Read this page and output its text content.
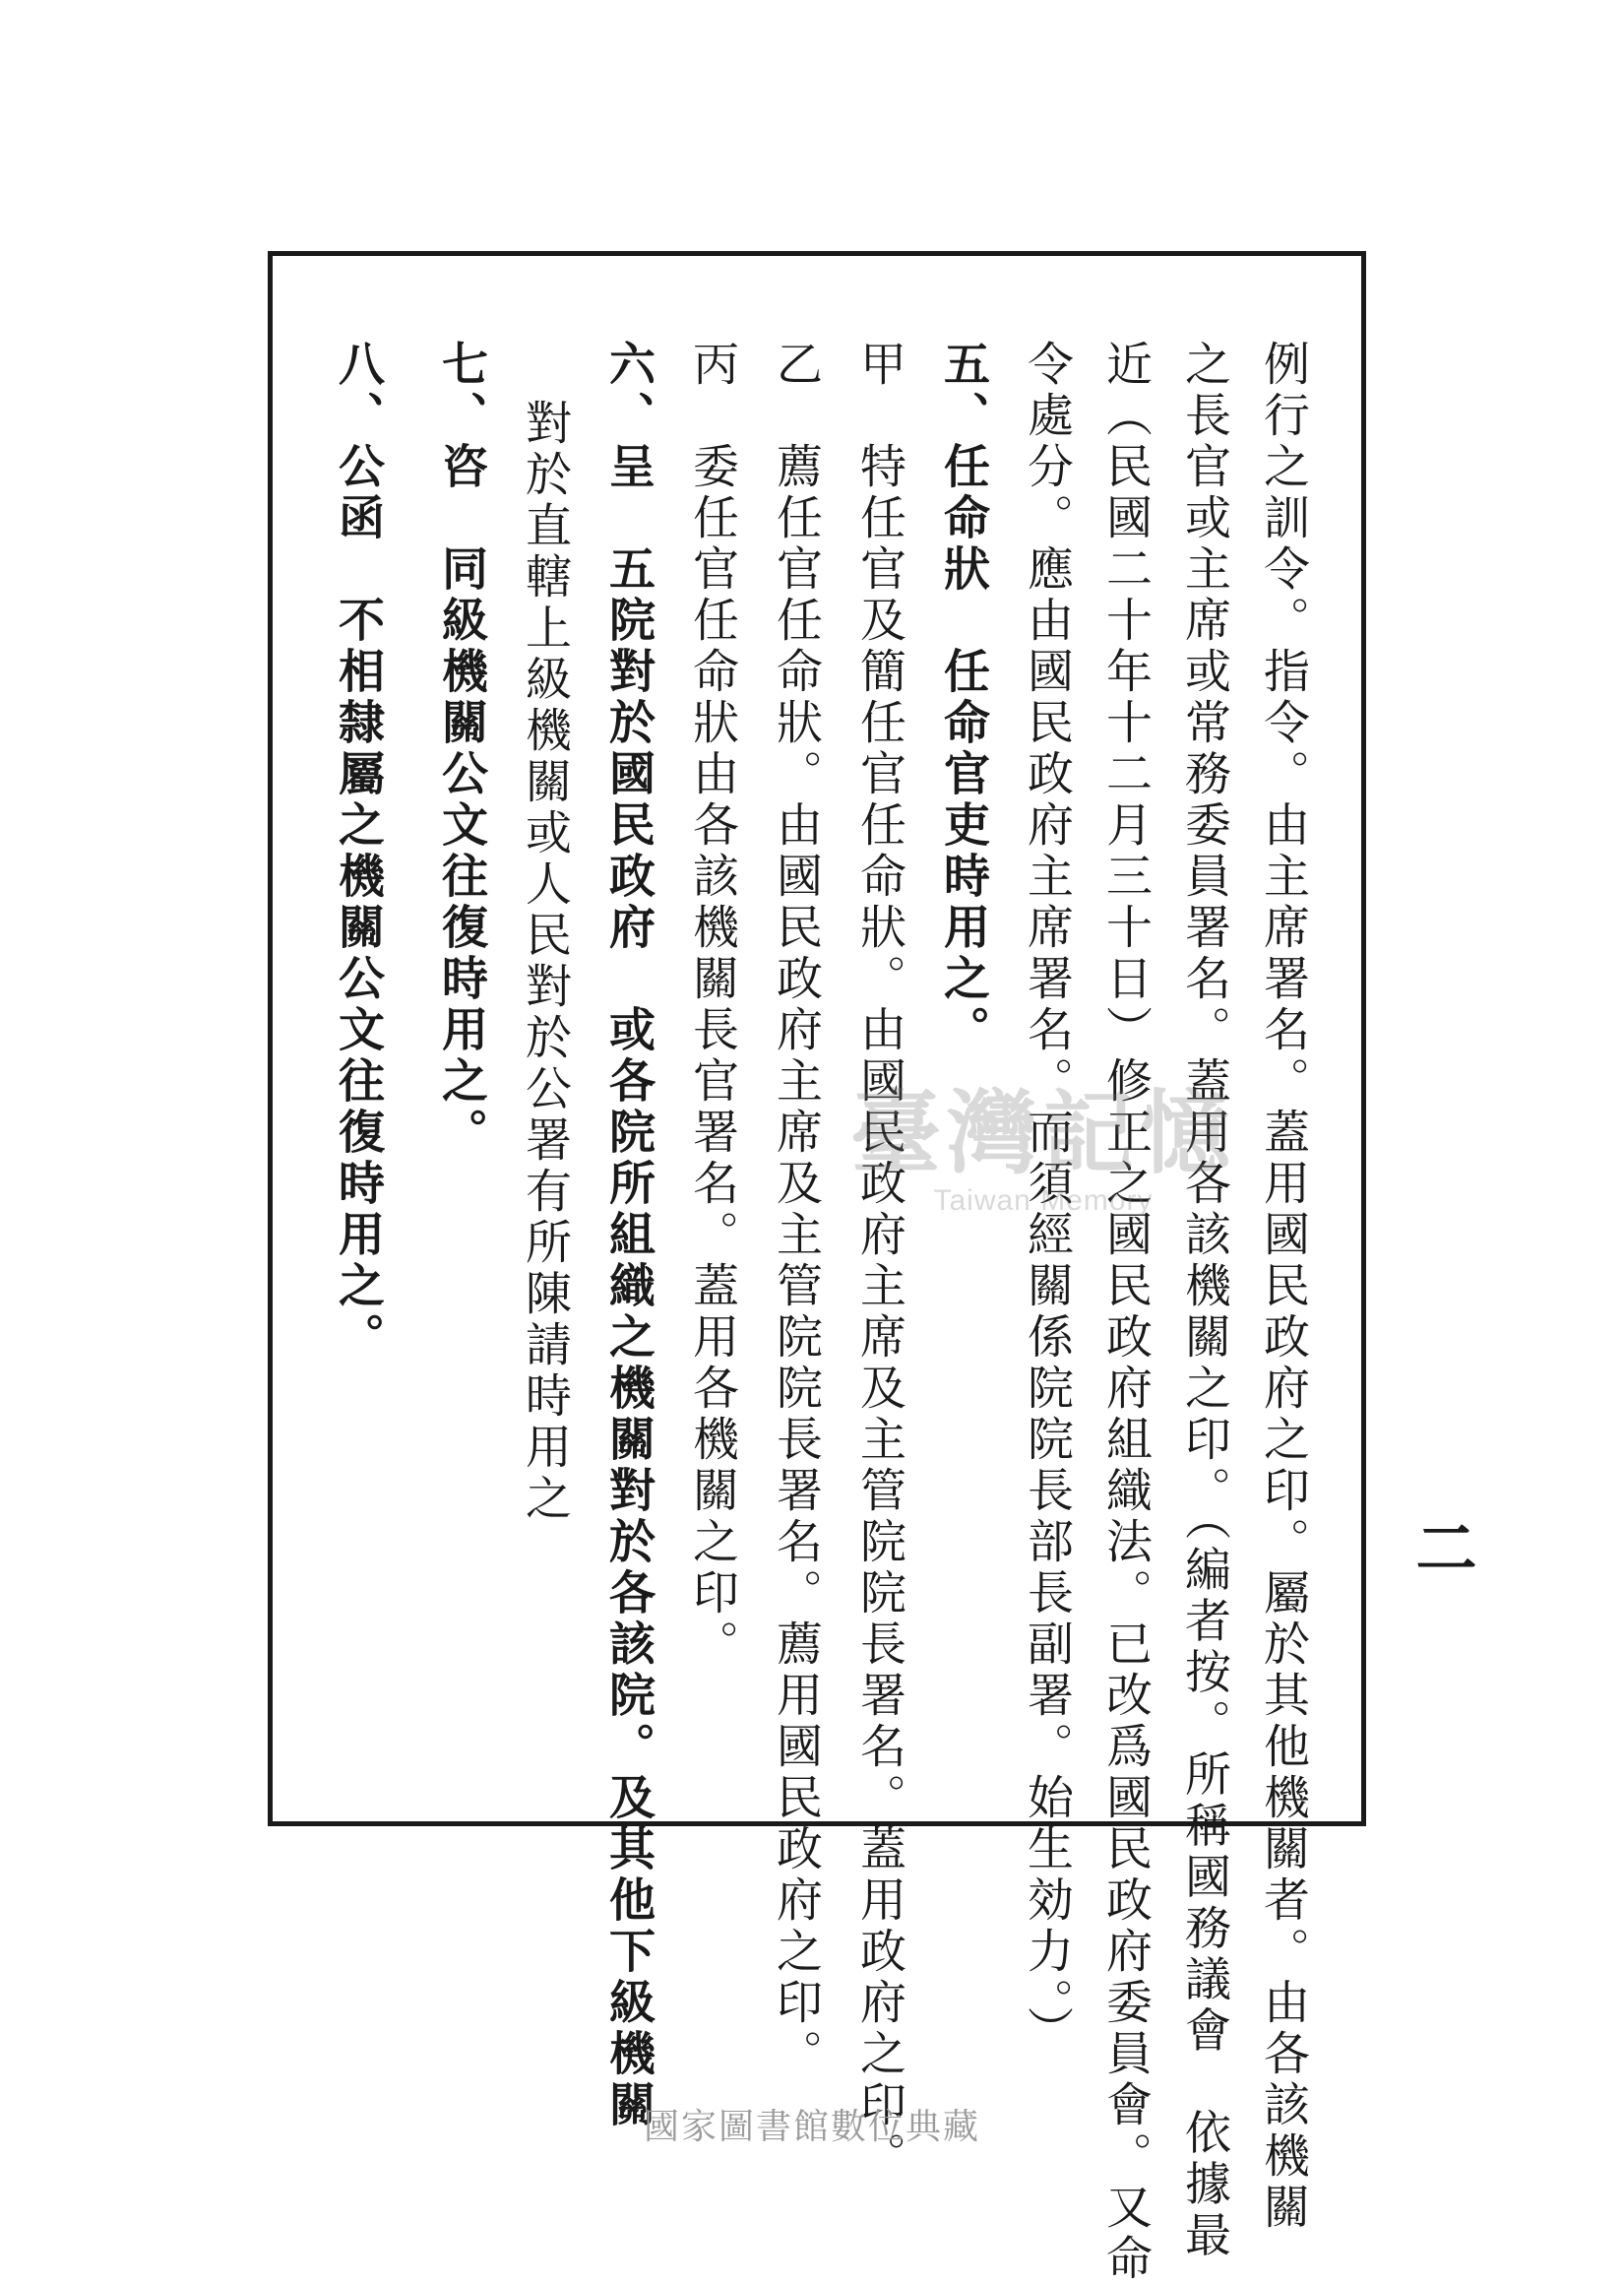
二
例行之訓令。指令。由主席署名。蓋用國民政府之印。屬於其他機關者。由各該機關
之長官或主席或常務委員署名。蓋用各該機關之印。（編者按。所稱國務議會　依據最
近（民國二十年十二月三十日）修正之國民政府組織法。已改爲國民政府委員會。又命
令處分。應由國民政府主席署名。而須經關係院院長部長副署。始生効力。）
五、任命狀　任命官吏時用之。
甲　特任官及簡任官任命狀。由國民政府主席及主管院院長署名。蓋用政府之印。
乙　薦任官任命狀。由國民政府主席及主管院院長署名。薦用國民政府之印。
丙　委任官任命狀由各該機關長官署名。蓋用各機關之印。
六、呈　五院對於國民政府　或各院所組織之機關對於各該院。及其他下級機關
對於直轄上級機關或人民對於公署有所陳請時用之
七、咨　同級機關公文往復時用之。
八、公函　不相隸屬之機關公文往復時用之。	臺灣記憶
Taiwan Memory
國家圖書館數位典藏
